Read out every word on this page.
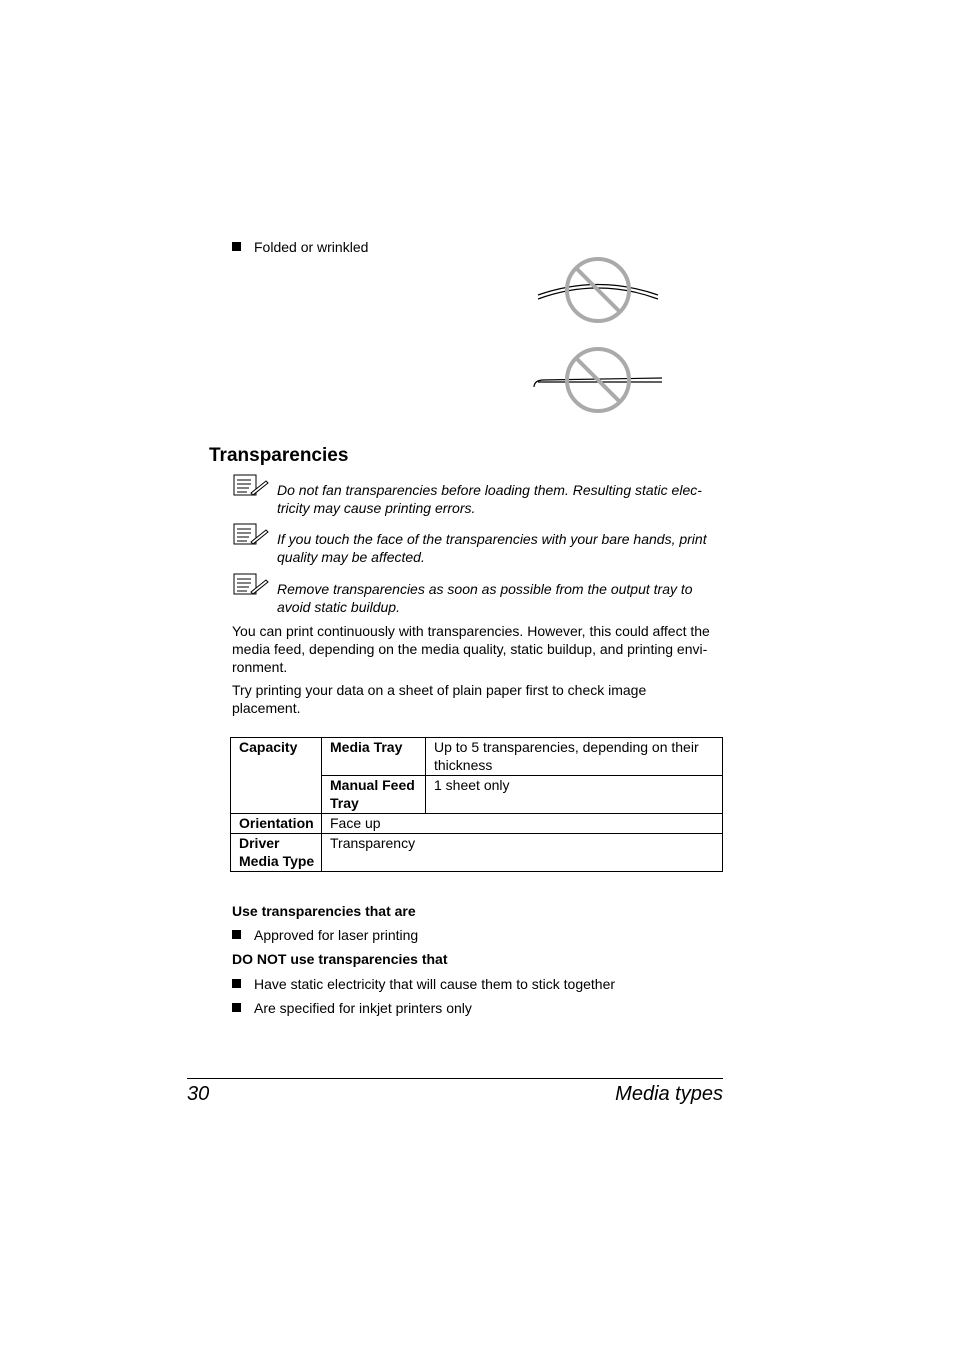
Folded or wrinkled
Transparencies
Do not fan transparencies before loading them. Resulting static elec-
tricity may cause printing errors.
If you touch the face of the transparencies with your bare hands, print
quality may be affected.
Remove transparencies as soon as possible from the output tray to
avoid static buildup.
You can print continuously with transparencies. However, this could affect the
media feed, depending on the media quality, static buildup, and printing envi-
ronment.
Try printing your data on a sheet of plain paper first to check image
placement.
Capacity	Media Tray	Up to 5 transparencies, depending on their
thickness

	Manual Feed
Tray	1 sheet only
Orientation	Face up	

Driver
Media Type	Transparency	
Use transparencies that are
Approved for laser printing
DO NOT use transparencies that
Have static electricity that will cause them to stick together
Are specified for inkjet printers only
30	Media types
